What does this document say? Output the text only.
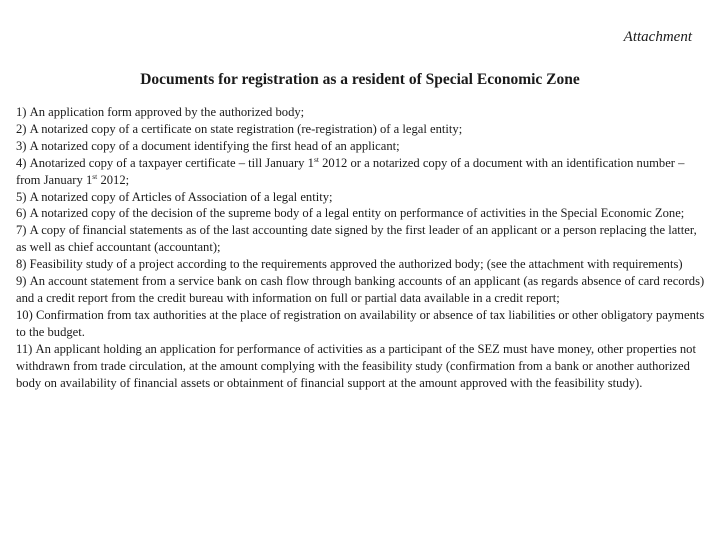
Attachment
Documents for registration as a resident of Special Economic Zone
1) An application form approved by the authorized body;
2) A notarized copy of a certificate on state registration (re-registration) of a legal entity;
3) A notarized copy of a document identifying the first head of an applicant;
4) Anotarized copy of a taxpayer certificate – till January 1st 2012 or a notarized copy of a document with an identification number – from January 1st 2012;
5) A notarized copy of Articles of Association of a legal entity;
6) A notarized copy of the decision of the supreme body of a legal entity on performance of activities in the Special Economic Zone;
7) A copy of financial statements as of the last accounting date signed by the first leader of an applicant or a person replacing the latter, as well as chief accountant (accountant);
8) Feasibility study of a project according to the requirements approved the authorized body; (see the attachment with requirements)
9) An account statement from a service bank on cash flow through banking accounts of an applicant (as regards absence of card records) and a credit report from the credit bureau with information on full or partial data available in a credit report;
10) Confirmation from tax authorities at the place of registration on availability or absence of tax liabilities or other obligatory payments to the budget.
11) An applicant holding an application for performance of activities as a participant of the SEZ must have money, other properties not withdrawn from trade circulation, at the amount complying with the feasibility study (confirmation from a bank or another authorized body on availability of financial assets or obtainment of financial support at the amount approved with the feasibility study).
